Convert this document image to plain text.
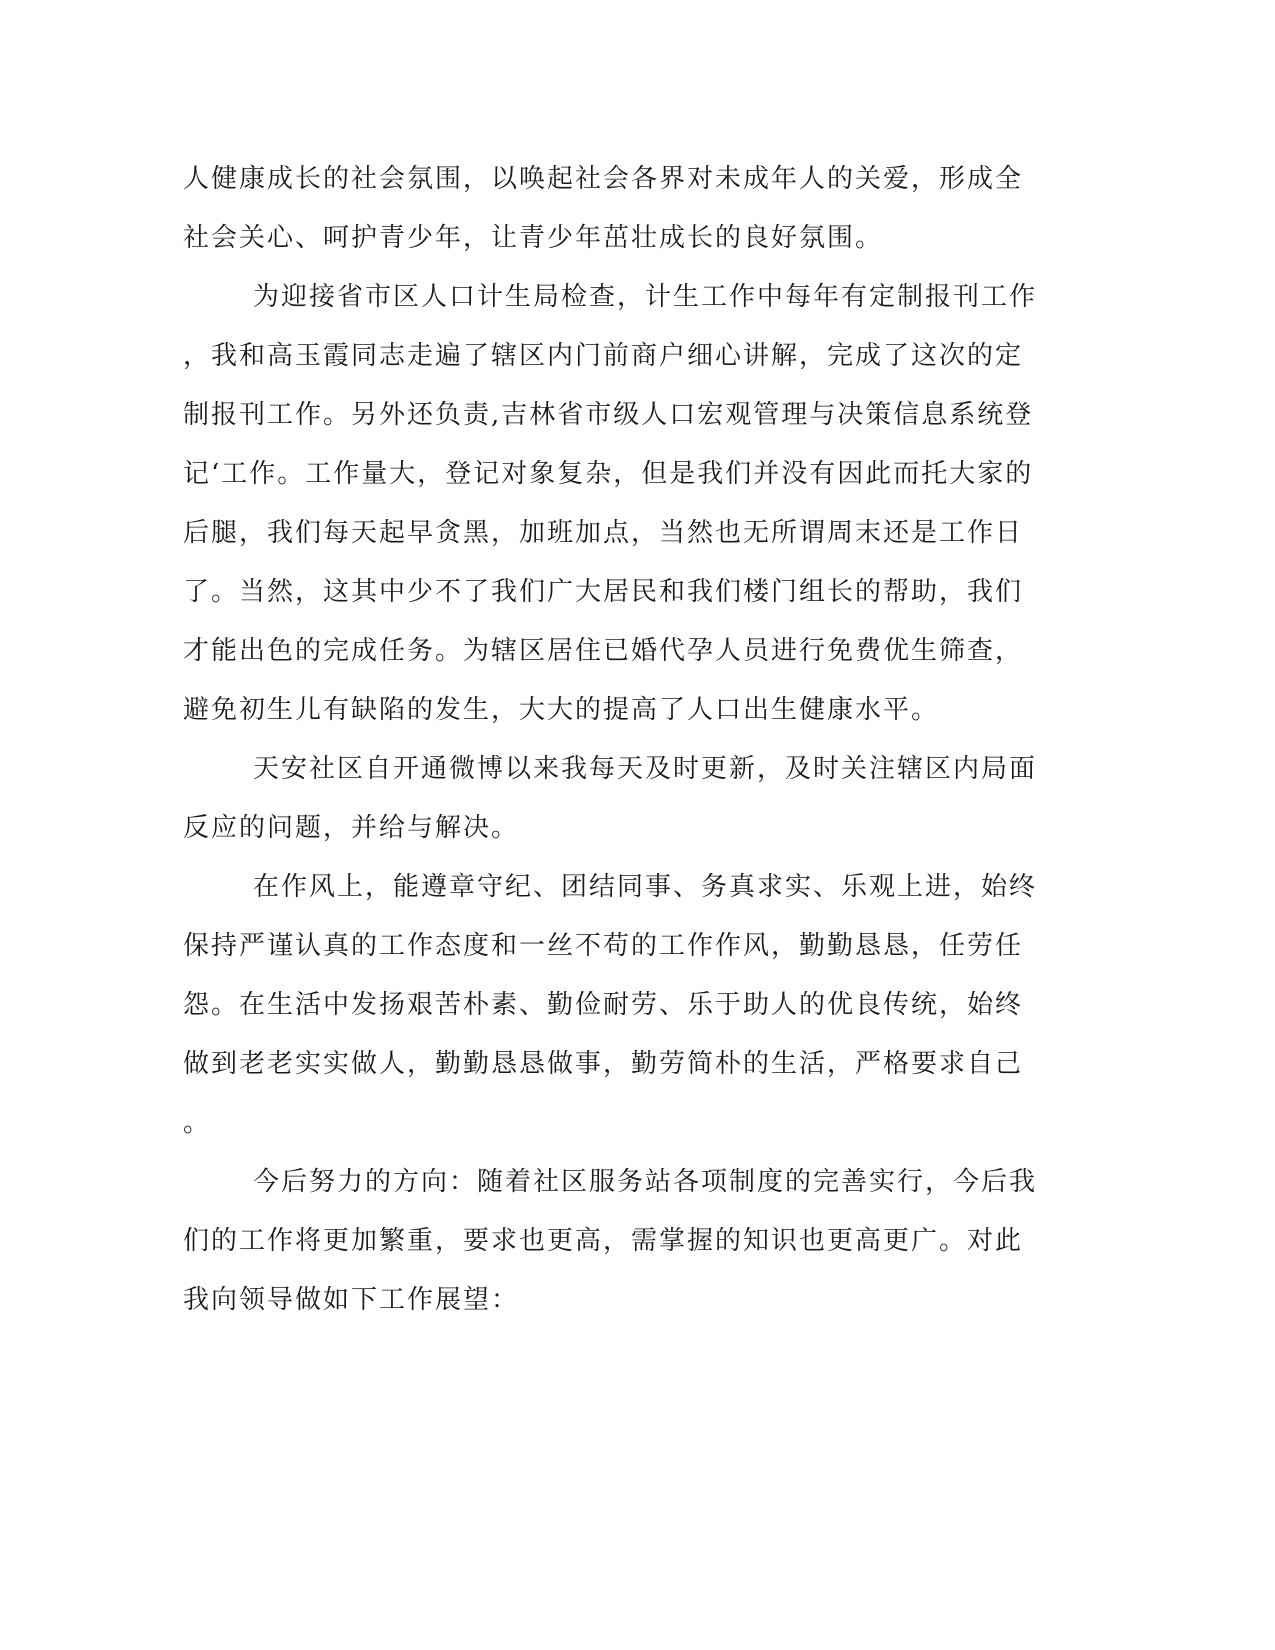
人健康成长的社会氛围，以唤起社会各界对未成年人的关爱，形成全
社会关心、呵护青少年，让青少年茁壮成长的良好氛围。
为迎接省市区人口计生局检查，计生工作中每年有定制报刊工作
，我和高玉霞同志走遍了辖区内门前商户细心讲解，完成了这次的定
制报刊工作。另外还负责,吉林省市级人口宏观管理与决策信息系统登
记‘工作。工作量大，登记对象复杂，但是我们并没有因此而托大家的
后腿，我们每天起早贪黑，加班加点，当然也无所谓周末还是工作日
了。当然，这其中少不了我们广大居民和我们楼门组长的帮助，我们
才能出色的完成任务。为辖区居住已婚代孕人员进行免费优生筛查，
避免初生儿有缺陷的发生，大大的提高了人口出生健康水平。
天安社区自开通微博以来我每天及时更新，及时关注辖区内局面
反应的问题，并给与解决。
在作风上，能遵章守纪、团结同事、务真求实、乐观上进，始终
保持严谨认真的工作态度和一丝不苟的工作作风，勤勤恳恳，任劳任
怨。在生活中发扬艰苦朴素、勤俭耐劳、乐于助人的优良传统，始终
做到老老实实做人，勤勤恳恳做事，勤劳简朴的生活，严格要求自己
。
今后努力的方向：随着社区服务站各项制度的完善实行，今后我
们的工作将更加繁重，要求也更高，需掌握的知识也更高更广。对此
我向领导做如下工作展望：
